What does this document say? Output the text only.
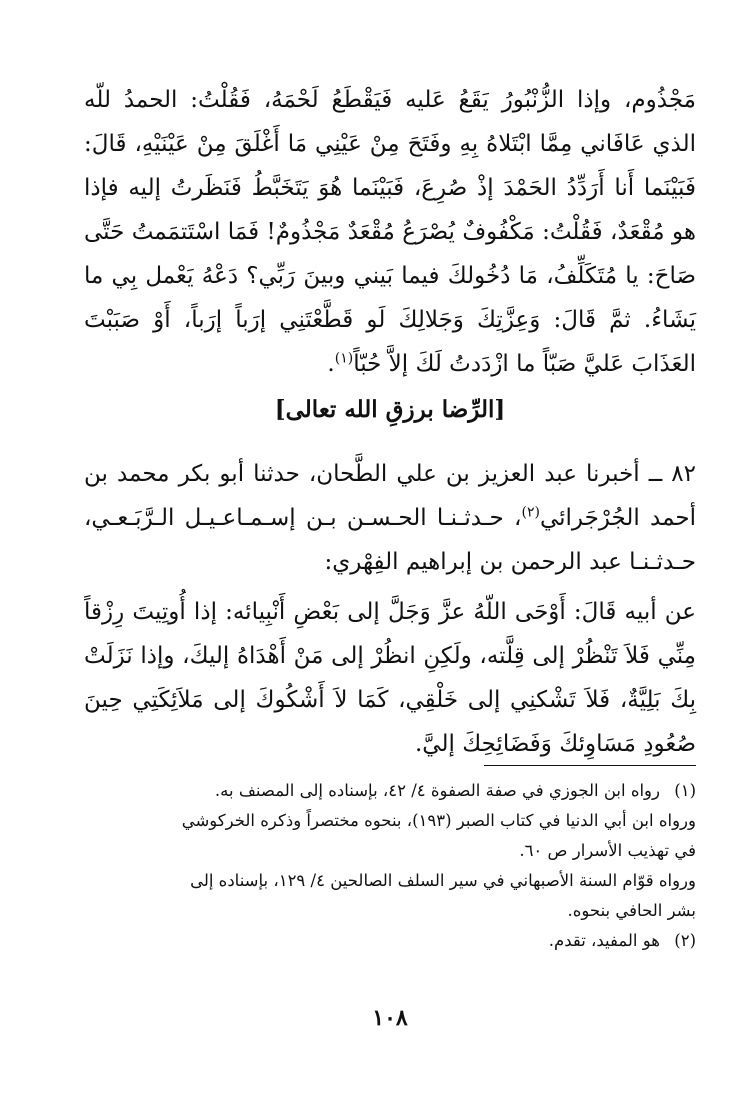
مَجْذُوم، وإذا الزُّنْبُورُ يَقَعُ عَليه فَيَقْطَعُ لَحْمَهُ، فَقُلْتُ: الحمدُ للّه الذي عَافَاني مِمَّا ابْتَلاهُ بِهِ وفَتَحَ مِنْ عَيْنِي مَا أَغْلَقَ مِنْ عَيْنَيْهِ، قَالَ: فَبَيْنَما أَنا أَرَدِّدُ الحَمْدَ إذْ صُرِعَ، فَبَيْنَما هُوَ يَتَخَبَّطُ فَنَظَرتُ إليه فإذا هو مُقْعَدٌ، فَقُلْتُ: مَكْفُوفٌ يُصْرَعُ مُقْعَدٌ مَجْذُومٌ! فَمَا اسْتَتمَمتُ حَتَّى صَاحَ: يا مُتَكَلِّفُ، مَا دُخُولكَ فيما بَيني وبينَ رَبِّي؟ دَعْهُ يَعْمل بِي ما يَشَاءُ. ثمَّ قَالَ: وَعِزَّتِكَ وَجَلالِكَ لَو قَطَّعْتَنِي إرَباً إرَباً، أَوْ صَبَبْتَ العَذَابَ عَليَّ صَبّاً ما ازْدَدتُ لَكَ إلاَّ حُبّاً$^{(١)}$.

[الرِّضا برزقِ الله تعالى]

٨٢ ــ أخبرنا عبد العزيز بن علي الطَّحان، حدثنا أبو بكر محمد بن أحمد الجُرْجَرائي$^{(٢)}$، حـدثـنـا الحـسـن بـن إسـمـاعـيـل الـرَّبَـعـي، حـدثـنـا عبد الرحمن بن إبراهيم الفِهْري:

عن أبيه قَالَ: أَوْحَى اللّهُ عزَّ وَجَلَّ إلى بَعْضِ أَنْبِيائه: إذا أُوتِيتَ رِزْقاً مِنِّي فَلاَ تَنْظُرْ إلى قِلَّته، ولَكِنِ انظُرْ إلى مَنْ أَهْدَاهُ إليكَ، وإذا نَزَلَتْ بِكَ بَلِيَّةٌ، فَلاَ تَشْكنِي إلى خَلْقِي، كَمَا لاَ أَشْكُوكَ إلى مَلاَئِكَتِي حِينَ صُعُودِ مَسَاوِئكَ وَفَضَائِحِكَ إليَّ.

(١)رواه ابن الجوزي في صفة الصفوة ٤/ ٤٢، بإسناده إلى المصنف به.
ورواه ابن أبي الدنيا في كتاب الصبر (١٩٣)، بنحوه مختصراً وذكره الخركوشي
في تهذيب الأسرار ص ٦٠.
ورواه قوّام السنة الأصبهاني في سير السلف الصالحين ٤/ ١٢٩، بإسناده إلى
بشر الحافي بنحوه.
(٢)هو المفيد، تقدم.
١٠٨
